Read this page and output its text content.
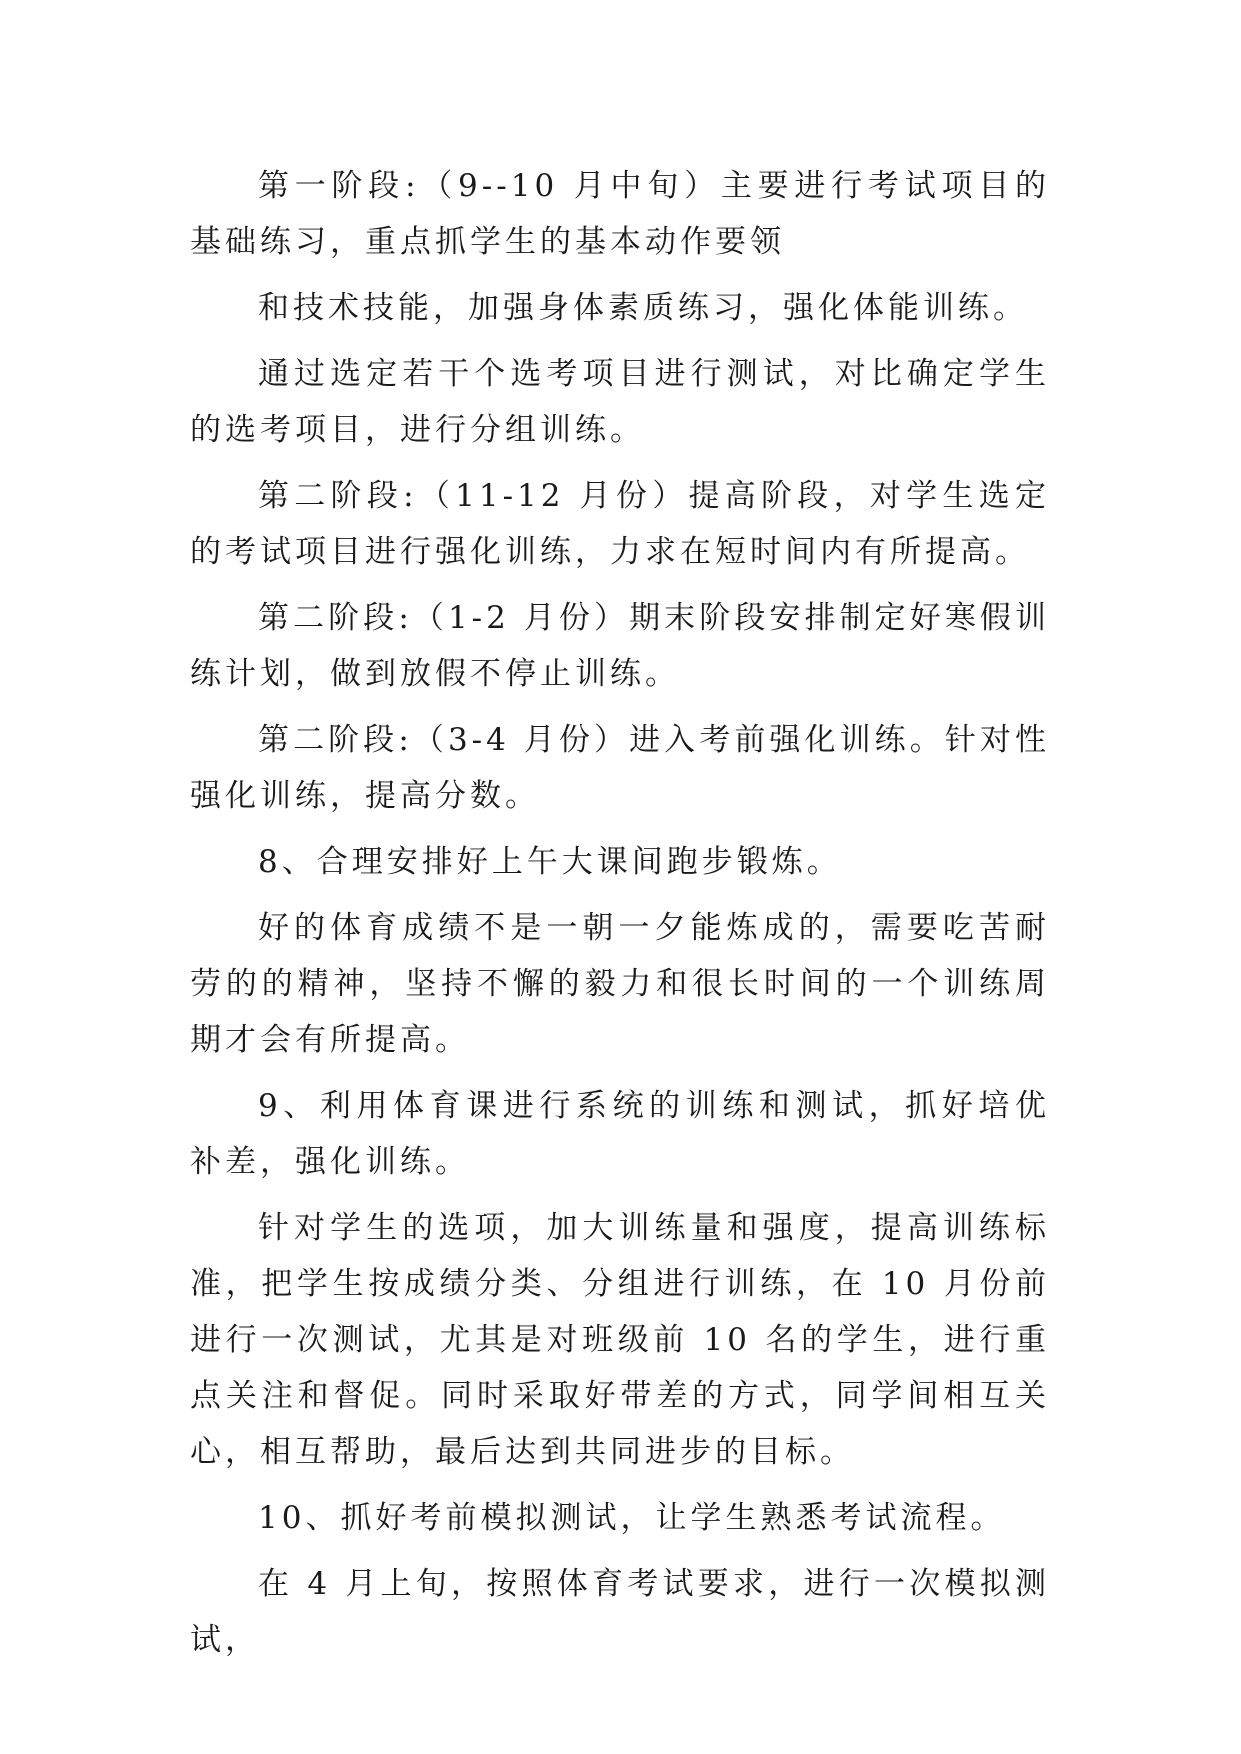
第一阶段:（9--10 月中旬）主要进行考试项目的基础练习，重点抓学生的基本动作要领

和技术技能，加强身体素质练习，强化体能训练。

通过选定若干个选考项目进行测试，对比确定学生的选考项目，进行分组训练。

第二阶段:（11-12 月份）提高阶段，对学生选定的考试项目进行强化训练，力求在短时间内有所提高。

第二阶段:（1-2 月份）期末阶段安排制定好寒假训练计划，做到放假不停止训练。

第二阶段:（3-4 月份）进入考前强化训练。针对性强化训练，提高分数。

8、合理安排好上午大课间跑步锻炼。

好的体育成绩不是一朝一夕能炼成的，需要吃苦耐劳的的精神，坚持不懈的毅力和很长时间的一个训练周期才会有所提高。

9、利用体育课进行系统的训练和测试，抓好培优补差，强化训练。

针对学生的选项，加大训练量和强度，提高训练标准，把学生按成绩分类、分组进行训练，在 10 月份前进行一次测试，尤其是对班级前 10 名的学生，进行重点关注和督促。同时采取好带差的方式，同学间相互关心，相互帮助，最后达到共同进步的目标。

10、抓好考前模拟测试，让学生熟悉考试流程。

在 4 月上旬，按照体育考试要求，进行一次模拟测试，
